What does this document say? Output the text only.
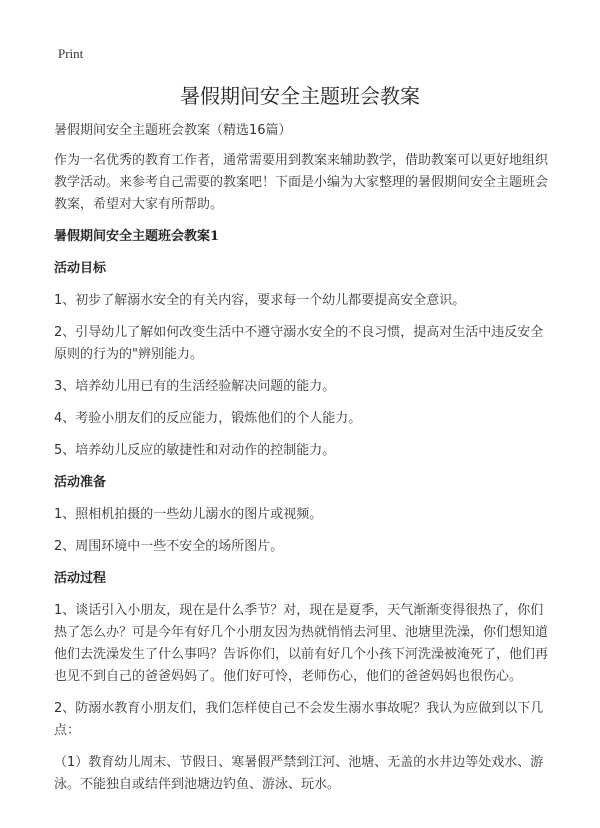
Print
暑假期间安全主题班会教案

暑假期间安全主题班会教案（精选16篇）

作为一名优秀的教育工作者，通常需要用到教案来辅助教学，借助教案可以更好地组织教学活动。来参考自己需要的教案吧！下面是小编为大家整理的暑假期间安全主题班会教案，希望对大家有所帮助。

暑假期间安全主题班会教案1
活动目标

1、初步了解溺水安全的有关内容，要求每一个幼儿都要提高安全意识。

2、引导幼儿了解如何改变生活中不遵守溺水安全的不良习惯，提高对生活中违反安全原则的行为的"辨别能力。

3、培养幼儿用已有的生活经验解决问题的能力。

4、考验小朋友们的反应能力，锻炼他们的个人能力。

5、培养幼儿反应的敏捷性和对动作的控制能力。

活动准备

1、照相机拍摄的一些幼儿溺水的图片或视频。

2、周围环境中一些不安全的场所图片。

活动过程

1、谈话引入小朋友，现在是什么季节？对，现在是夏季，天气渐渐变得很热了，你们热了怎么办？可是今年有好几个小朋友因为热就悄悄去河里、池塘里洗澡，你们想知道他们去洗澡发生了什么事吗？告诉你们，以前有好几个小孩下河洗澡被淹死了，他们再也见不到自己的爸爸妈妈了。他们好可怜，老师伤心，他们的爸爸妈妈也很伤心。

2、防溺水教育小朋友们，我们怎样使自己不会发生溺水事故呢？我认为应做到以下几点：

（1）教育幼儿周末、节假日、寒暑假严禁到江河、池塘、无盖的水井边等处戏水、游泳。不能独自或结伴到池塘边钓鱼、游泳、玩水。
